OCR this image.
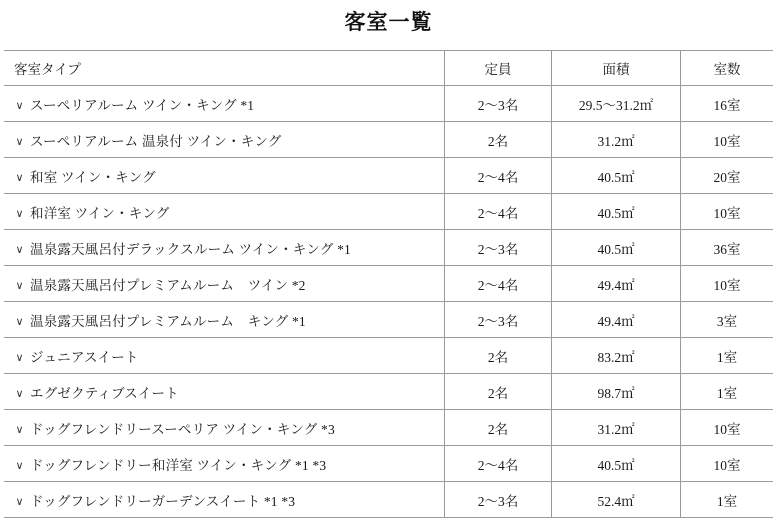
客室一覧
客室タイプ	定員	面積	室数
∨ スーペリアルーム ツイン・キング *1	2〜3名	29.5〜31.2㎡	16室
∨ スーペリアルーム 温泉付 ツイン・キング	2名	31.2㎡	10室
∨ 和室 ツイン・キング	2〜4名	40.5㎡	20室
∨ 和洋室 ツイン・キング	2〜4名	40.5㎡	10室
∨ 温泉露天風呂付デラックスルーム ツイン・キング *1	2〜3名	40.5㎡	36室
∨ 温泉露天風呂付プレミアムルーム　ツイン *2	2〜4名	49.4㎡	10室
∨ 温泉露天風呂付プレミアムルーム　キング *1	2〜3名	49.4㎡	3室
∨ ジュニアスイート	2名	83.2㎡	1室
∨ エグゼクティブスイート	2名	98.7㎡	1室
∨ ドッグフレンドリースーペリア ツイン・キング *3	2名	31.2㎡	10室
∨ ドッグフレンドリー和洋室 ツイン・キング *1 *3	2〜4名	40.5㎡	10室
∨ ドッグフレンドリーガーデンスイート *1 *3	2〜3名	52.4㎡	1室
